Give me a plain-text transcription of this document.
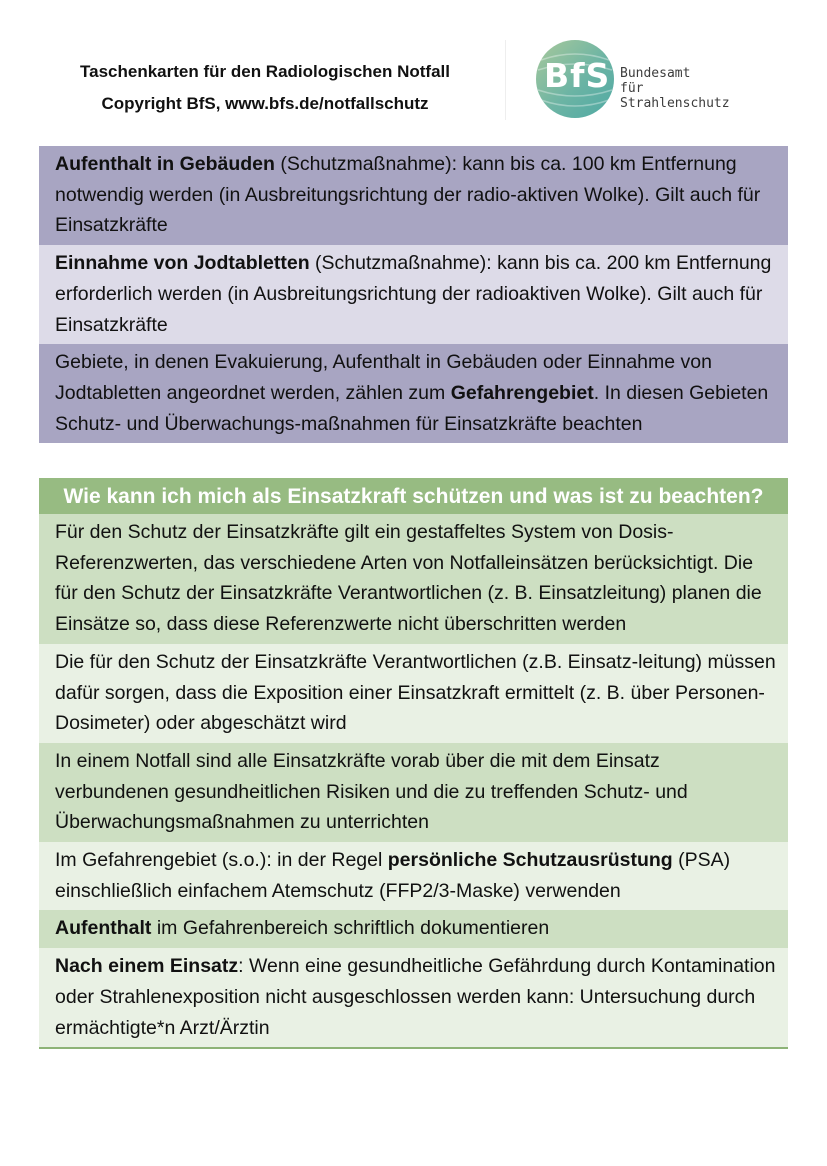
Taschenkarten für den Radiologischen Notfall
Copyright BfS, www.bfs.de/notfallschutz
BfS Bundesamt
für Strahlenschutz
Aufenthalt in Gebäuden (Schutzmaßnahme): kann bis ca. 100 km Entfernung notwendig werden (in Ausbreitungsrichtung der radio-aktiven Wolke). Gilt auch für Einsatzkräfte
Einnahme von Jodtabletten (Schutzmaßnahme): kann bis ca. 200 km Entfernung erforderlich werden (in Ausbreitungsrichtung der radioaktiven Wolke). Gilt auch für Einsatzkräfte
Gebiete, in denen Evakuierung, Aufenthalt in Gebäuden oder Einnahme von Jodtabletten angeordnet werden, zählen zum Gefahrengebiet. In diesen Gebieten Schutz- und Überwachungs-maßnahmen für Einsatzkräfte beachten
Wie kann ich mich als Einsatzkraft schützen und was ist zu beachten?
Für den Schutz der Einsatzkräfte gilt ein gestaffeltes System von Dosis-Referenzwerten, das verschiedene Arten von Notfalleinsätzen berücksichtigt. Die für den Schutz der Einsatzkräfte Verantwortlichen (z. B. Einsatzleitung) planen die Einsätze so, dass diese Referenzwerte nicht überschritten werden
Die für den Schutz der Einsatzkräfte Verantwortlichen (z.B. Einsatz-leitung) müssen dafür sorgen, dass die Exposition einer Einsatzkraft ermittelt (z. B. über Personen-Dosimeter) oder abgeschätzt wird
In einem Notfall sind alle Einsatzkräfte vorab über die mit dem Einsatz verbundenen gesundheitlichen Risiken und die zu treffenden Schutz- und Überwachungsmaßnahmen zu unterrichten
Im Gefahrengebiet (s.o.): in der Regel persönliche Schutzausrüstung (PSA) einschließlich einfachem Atemschutz (FFP2/3-Maske) verwenden
Aufenthalt im Gefahrenbereich schriftlich dokumentieren
Nach einem Einsatz: Wenn eine gesundheitliche Gefährdung durch Kontamination oder Strahlenexposition nicht ausgeschlossen werden kann: Untersuchung durch ermächtigte*n Arzt/Ärztin
